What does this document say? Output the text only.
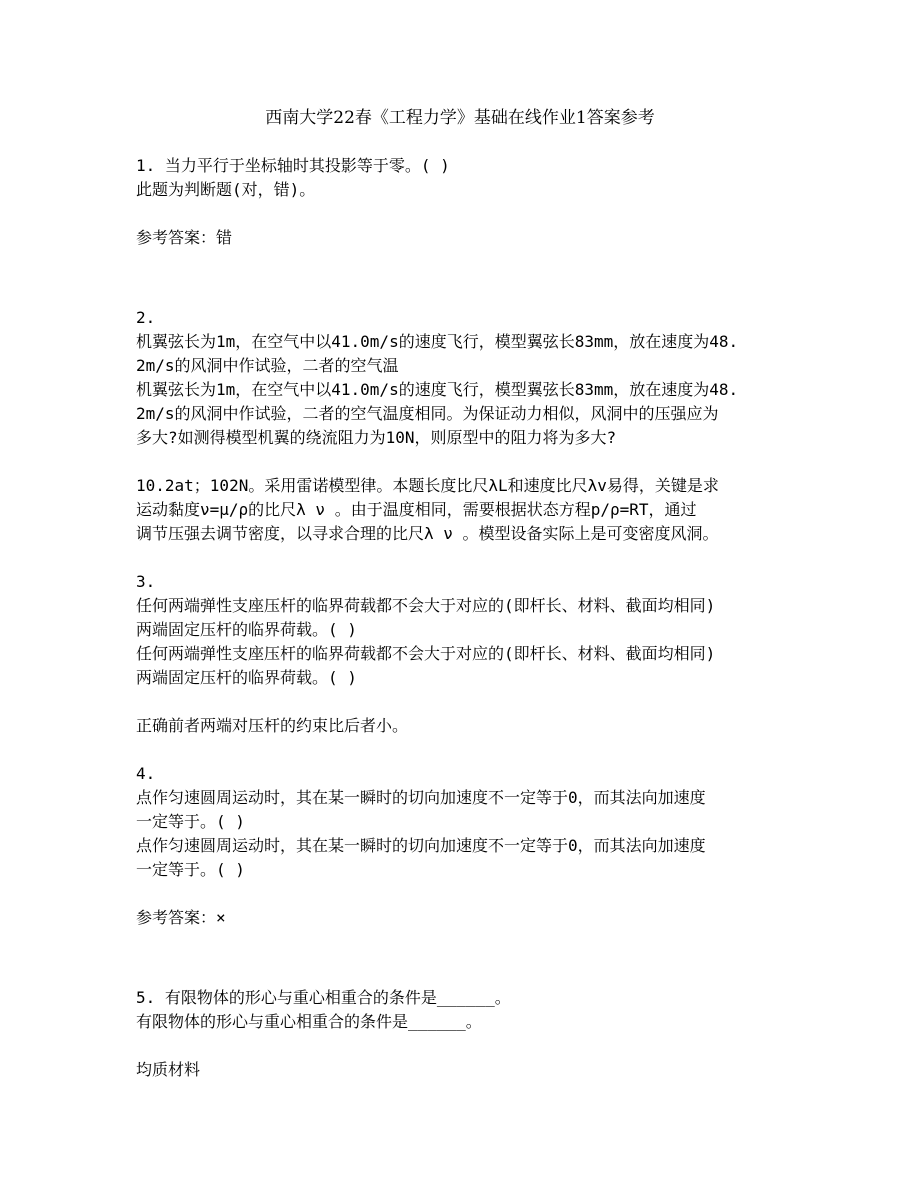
西南大学22春《工程力学》基础在线作业1答案参考
1. 当力平行于坐标轴时其投影等于零。( )
此题为判断题(对，错)。
参考答案：错
2.
机翼弦长为1m，在空气中以41.0m/s的速度飞行，模型翼弦长83mm，放在速度为48.
2m/s的风洞中作试验，二者的空气温
机翼弦长为1m，在空气中以41.0m/s的速度飞行，模型翼弦长83mm，放在速度为48.
2m/s的风洞中作试验，二者的空气温度相同。为保证动力相似，风洞中的压强应为
多大?如测得模型机翼的绕流阻力为10N，则原型中的阻力将为多大?
10.2at；102N。采用雷诺模型律。本题长度比尺λL和速度比尺λv易得，关键是求
运动黏度ν=μ/ρ的比尺λ ν 。由于温度相同，需要根据状态方程p/ρ=RT，通过
调节压强去调节密度，以寻求合理的比尺λ ν 。模型设备实际上是可变密度风洞。
3.
任何两端弹性支座压杆的临界荷载都不会大于对应的(即杆长、材料、截面均相同)
两端固定压杆的临界荷载。( )
任何两端弹性支座压杆的临界荷载都不会大于对应的(即杆长、材料、截面均相同)
两端固定压杆的临界荷载。( )
正确前者两端对压杆的约束比后者小。
4.
点作匀速圆周运动时，其在某一瞬时的切向加速度不一定等于0，而其法向加速度
一定等于。( )
点作匀速圆周运动时，其在某一瞬时的切向加速度不一定等于0，而其法向加速度
一定等于。( )
参考答案：×
5. 有限物体的形心与重心相重合的条件是______。
有限物体的形心与重心相重合的条件是______。
均质材料
